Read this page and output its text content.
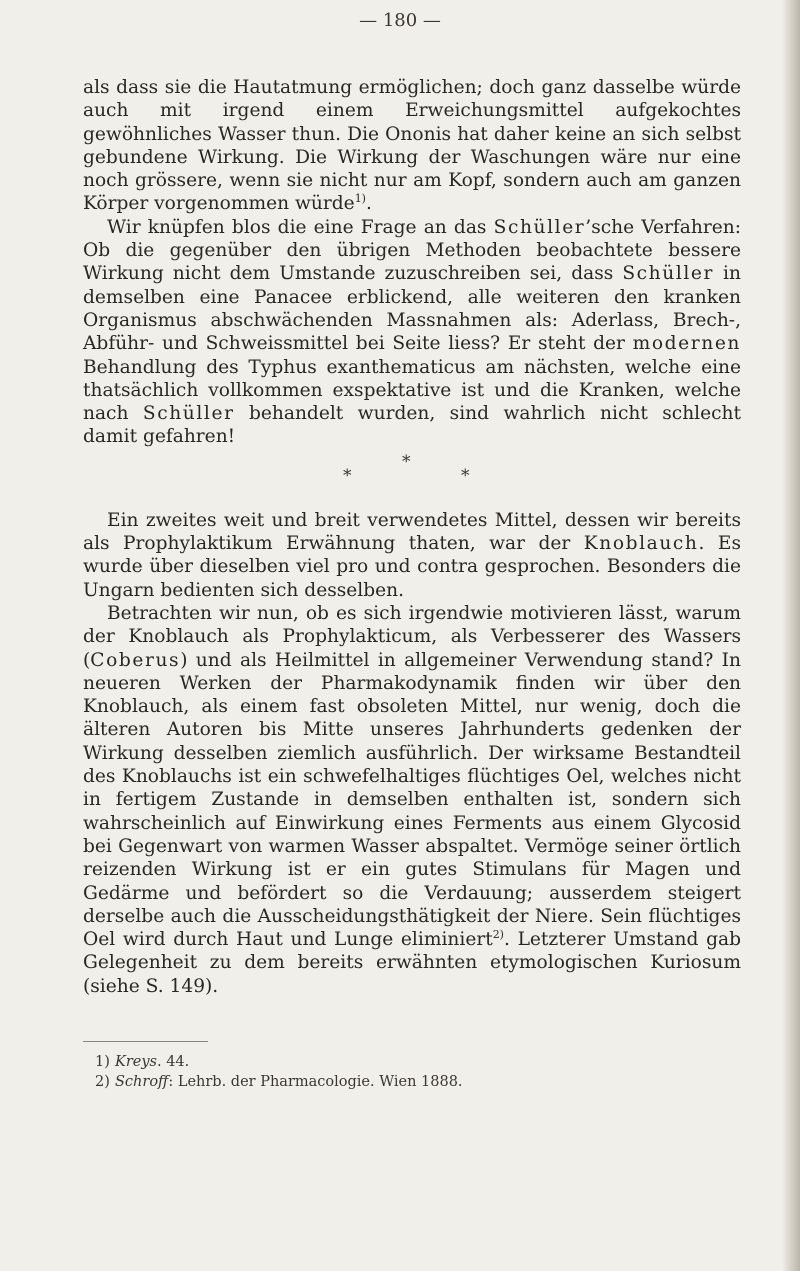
— 180 —

als dass sie die Hautatmung ermöglichen; doch ganz dasselbe würde auch mit irgend einem Erweichungsmittel aufgekochtes gewöhnliches Wasser thun. Die Ononis hat daher keine an sich selbst gebundene Wirkung. Die Wirkung der Waschungen wäre nur eine noch grössere, wenn sie nicht nur am Kopf, sondern auch am ganzen Körper vorgenommen würde$^{1)}$.

Wir knüpfen blos die eine Frage an das Schüller’sche Verfahren: Ob die gegenüber den übrigen Methoden beobachtete bessere Wirkung nicht dem Umstande zuzuschreiben sei, dass Schüller in demselben eine Panacee erblickend, alle weiteren den kranken Organismus abschwächenden Massnahmen als: Aderlass, Brech-, Abführ- und Schweissmittel bei Seite liess? Er steht der modernen Behandlung des Typhus exanthematicus am nächsten, welche eine thatsächlich vollkommen exspektative ist und die Kranken, welche nach Schüller behandelt wurden, sind wahrlich nicht schlecht damit gefahren!

*
*	*

Ein zweites weit und breit verwendetes Mittel, dessen wir bereits als Prophylaktikum Erwähnung thaten, war der Knoblauch. Es wurde über dieselben viel pro und contra gesprochen. Besonders die Ungarn bedienten sich desselben.

Betrachten wir nun, ob es sich irgendwie motivieren lässt, warum der Knoblauch als Prophylakticum, als Verbesserer des Wassers (Coberus) und als Heilmittel in allgemeiner Verwendung stand? In neueren Werken der Pharmakodynamik finden wir über den Knoblauch, als einem fast obsoleten Mittel, nur wenig, doch die älteren Autoren bis Mitte unseres Jahrhunderts gedenken der Wirkung desselben ziemlich ausführlich. Der wirksame Bestandteil des Knoblauchs ist ein schwefelhaltiges flüchtiges Oel, welches nicht in fertigem Zustande in demselben enthalten ist, sondern sich wahrscheinlich auf Einwirkung eines Ferments aus einem Glycosid bei Gegenwart von warmen Wasser abspaltet. Vermöge seiner örtlich reizenden Wirkung ist er ein gutes Stimulans für Magen und Gedärme und befördert so die Verdauung; ausserdem steigert derselbe auch die Ausscheidungsthätigkeit der Niere. Sein flüchtiges Oel wird durch Haut und Lunge eliminiert$^{2)}$. Letzterer Umstand gab Gelegenheit zu dem bereits erwähnten etymologischen Kuriosum (siehe S. 149).

1) Kreys. 44.
2) Schroff: Lehrb. der Pharmacologie. Wien 1888.
